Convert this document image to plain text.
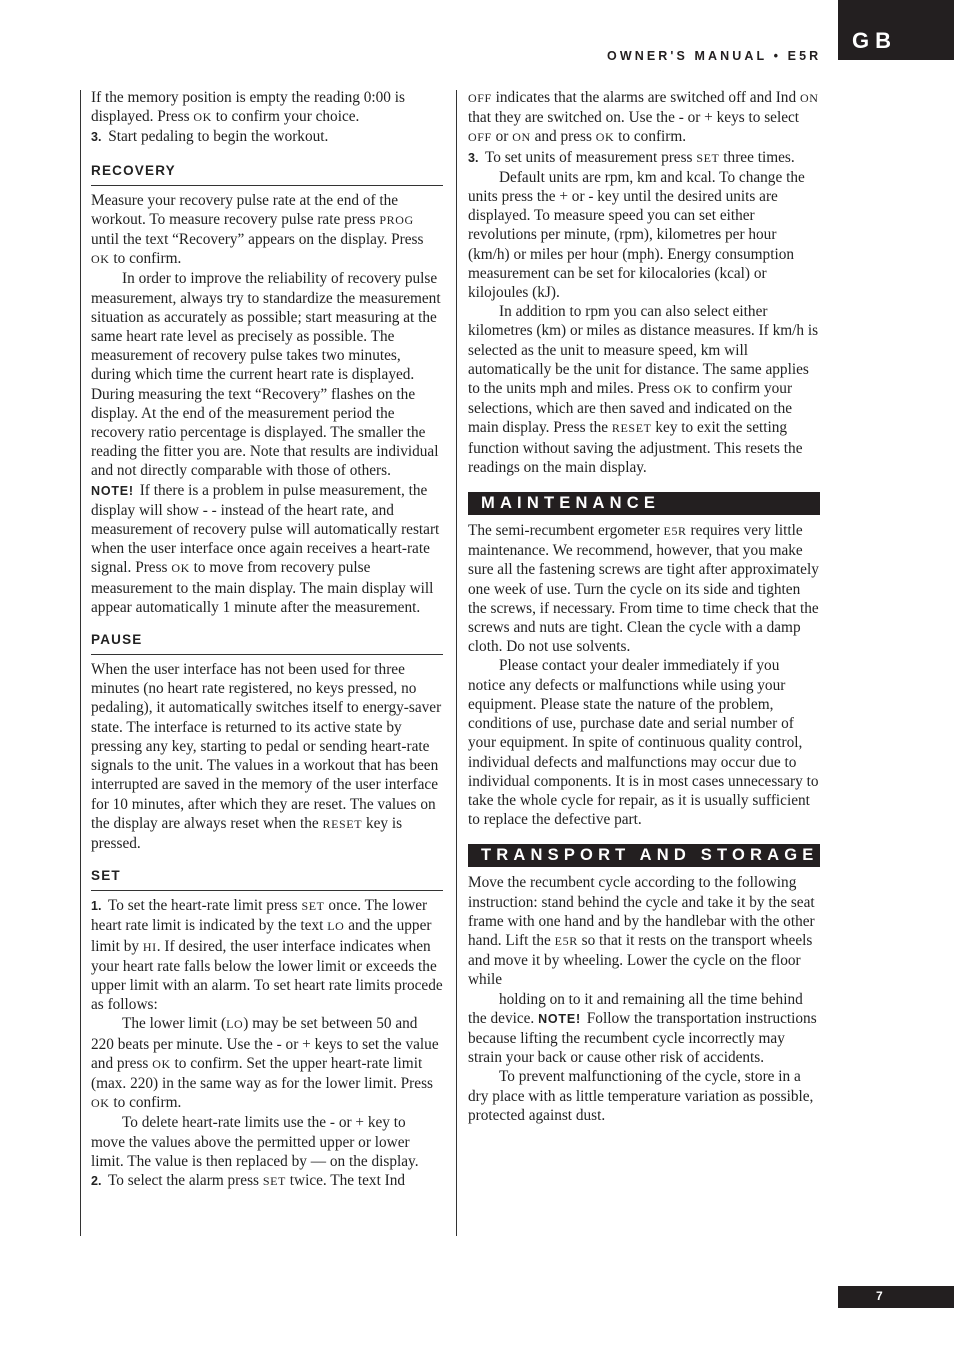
GB
OWNER'S MANUAL • E5R

If the memory position is empty the reading 0:00 is displayed. Press OK to confirm your choice.

3. Start pedaling to begin the workout.

RECOVERY

Measure your recovery pulse rate at the end of the workout. To measure recovery pulse rate press PROG until the text “Recovery” appears on the display. Press OK to confirm.

In order to improve the reliability of recovery pulse measurement, always try to standardize the measurement situation as accurately as possible; start measuring at the same heart rate level as precisely as possible. The measurement of recovery pulse takes two minutes, during which time the current heart rate is displayed. During measuring the text “Recovery” flashes on the display. At the end of the measurement period the recovery ratio percentage is displayed. The smaller the reading the fitter you are. Note that results are individual and not directly comparable with those of others.

NOTE! If there is a problem in pulse measurement, the display will show - - instead of the heart rate, and measurement of recovery pulse will automatically restart when the user interface once again receives a heart-rate signal. Press OK to move from recovery pulse measurement to the main display. The main display will appear automatically 1 minute after the measurement.

PAUSE

When the user interface has not been used for three minutes (no heart rate registered, no keys pressed, no pedaling), it automatically switches itself to energy-saver state. The interface is returned to its active state by pressing any key, starting to pedal or sending heart-rate signals to the unit. The values in a workout that has been interrupted are saved in the memory of the user interface for 10 minutes, after which they are reset. The values on the display are always reset when the RESET key is pressed.

SET

1. To set the heart-rate limit press SET once. The lower heart rate limit is indicated by the text LO and the upper limit by HI. If desired, the user interface indicates when your heart rate falls below the lower limit or exceeds the upper limit with an alarm. To set heart rate limits procede as follows:

The lower limit (LO) may be set between 50 and 220 beats per minute. Use the - or + keys to set the value and press OK to confirm. Set the upper heart-rate limit (max. 220) in the same way as for the lower limit. Press OK to confirm.

To delete heart-rate limits use the - or + key to move the values above the permitted upper or lower limit. The value is then replaced by — on the display.

2. To select the alarm press SET twice. The text Ind

OFF indicates that the alarms are switched off and Ind ON that they are switched on. Use the - or + keys to select OFF or ON and press OK to confirm.

3. To set units of measurement press SET three times.

Default units are rpm, km and kcal. To change the units press the + or - key until the desired units are displayed. To measure speed you can set either revolutions per minute, (rpm), kilometres per hour (km/h) or miles per hour (mph). Energy consumption measurement can be set for kilocalories (kcal) or kilojoules (kJ).

In addition to rpm you can also select either kilometres (km) or miles as distance measures. If km/h is selected as the unit to measure speed, km will automatically be the unit for distance. The same applies to the units mph and miles. Press OK to confirm your selections, which are then saved and indicated on the main display. Press the RESET key to exit the setting function without saving the adjustment. This resets the readings on the main display.

MAINTENANCE

The semi-recumbent ergometer E5R requires very little maintenance. We recommend, however, that you make sure all the fastening screws are tight after approximately one week of use. Turn the cycle on its side and tighten the screws, if necessary. From time to time check that the screws and nuts are tight. Clean the cycle with a damp cloth. Do not use solvents.

Please contact your dealer immediately if you notice any defects or malfunctions while using your equipment. Please state the nature of the problem, conditions of use, purchase date and serial number of your equipment. In spite of continuous quality control, individual defects and malfunctions may occur due to individual components. It is in most cases unnecessary to take the whole cycle for repair, as it is usually sufficient to replace the defective part.

TRANSPORT AND STORAGE

Move the recumbent cycle according to the following instruction: stand behind the cycle and take it by the seat frame with one hand and by the handlebar with the other hand. Lift the E5R so that it rests on the transport wheels and move it by wheeling. Lower the cycle on the floor while

holding on to it and remaining all the time behind the device. NOTE! Follow the transportation instructions because lifting the recumbent cycle incorrectly may strain your back or cause other risk of accidents.

To prevent malfunctioning of the cycle, store in a dry place with as little temperature variation as possible, protected against dust.

7
